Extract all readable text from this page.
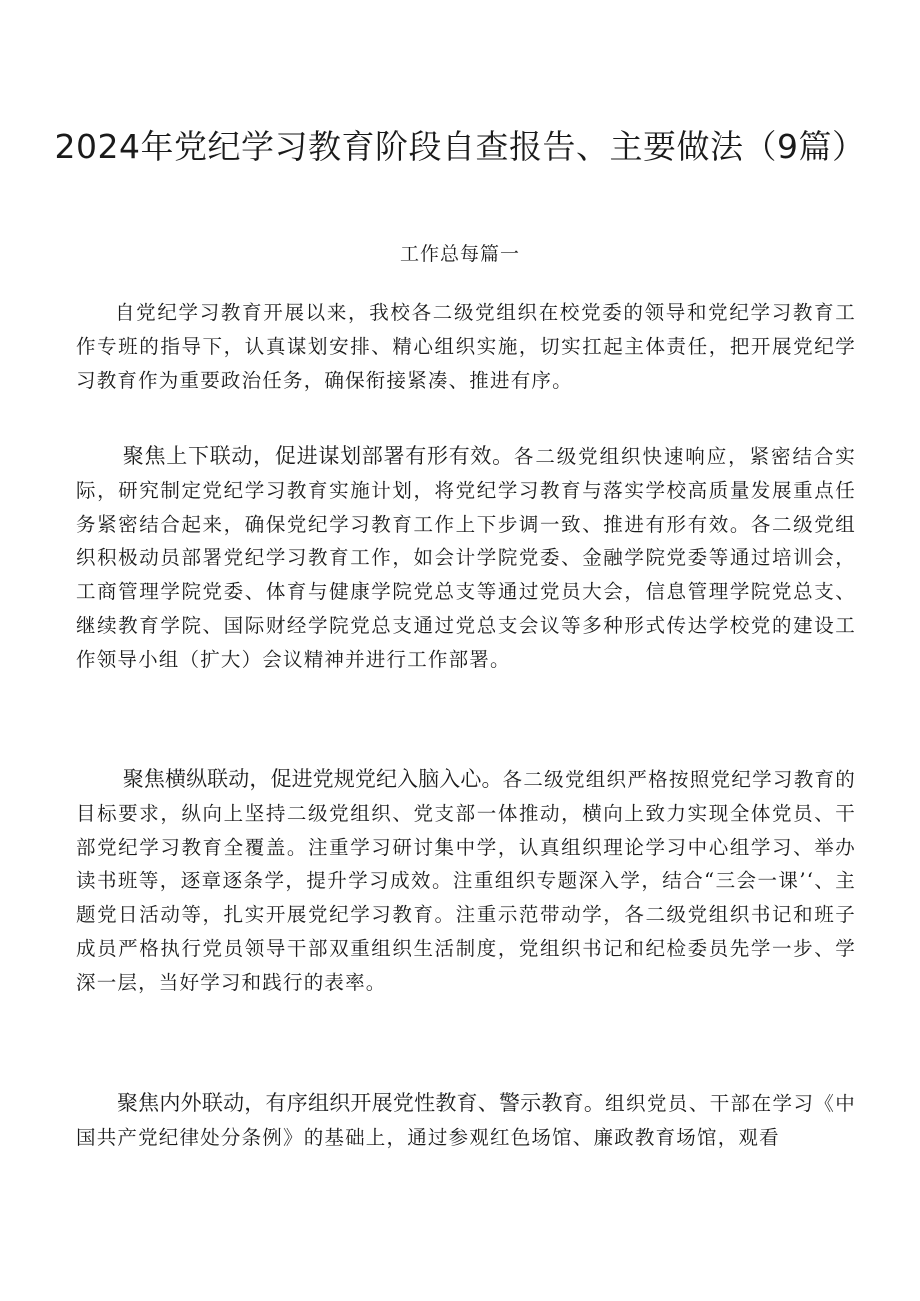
2024年党纪学习教育阶段自查报告、主要做法（9篇）
工作总每篇一

自党纪学习教育开展以来，我校各二级党组织在校党委的领导和党纪学习教育工作专班的指导下，认真谋划安排、精心组织实施，切实扛起主体责任，把开展党纪学习教育作为重要政治任务，确保衔接紧凑、推进有序。

聚焦上下联动，促进谋划部署有形有效。各二级党组织快速响应，紧密结合实际，研究制定党纪学习教育实施计划，将党纪学习教育与落实学校高质量发展重点任务紧密结合起来，确保党纪学习教育工作上下步调一致、推进有形有效。各二级党组织积极动员部署党纪学习教育工作，如会计学院党委、金融学院党委等通过培训会，工商管理学院党委、体育与健康学院党总支等通过党员大会，信息管理学院党总支、继续教育学院、国际财经学院党总支通过党总支会议等多种形式传达学校党的建设工作领导小组（扩大）会议精神并进行工作部署。

聚焦横纵联动，促进党规党纪入脑入心。各二级党组织严格按照党纪学习教育的目标要求，纵向上坚持二级党组织、党支部一体推动，横向上致力实现全体党员、干部党纪学习教育全覆盖。注重学习研讨集中学，认真组织理论学习中心组学习、举办读书班等，逐章逐条学，提升学习成效。注重组织专题深入学，结合“三会一课’‘、主题党日活动等，扎实开展党纪学习教育。注重示范带动学，各二级党组织书记和班子成员严格执行党员领导干部双重组织生活制度，党组织书记和纪检委员先学一步、学深一层，当好学习和践行的表率。

聚焦内外联动，有序组织开展党性教育、警示教育。组织党员、干部在学习《中国共产党纪律处分条例》的基础上，通过参观红色场馆、廉政教育场馆，观看
